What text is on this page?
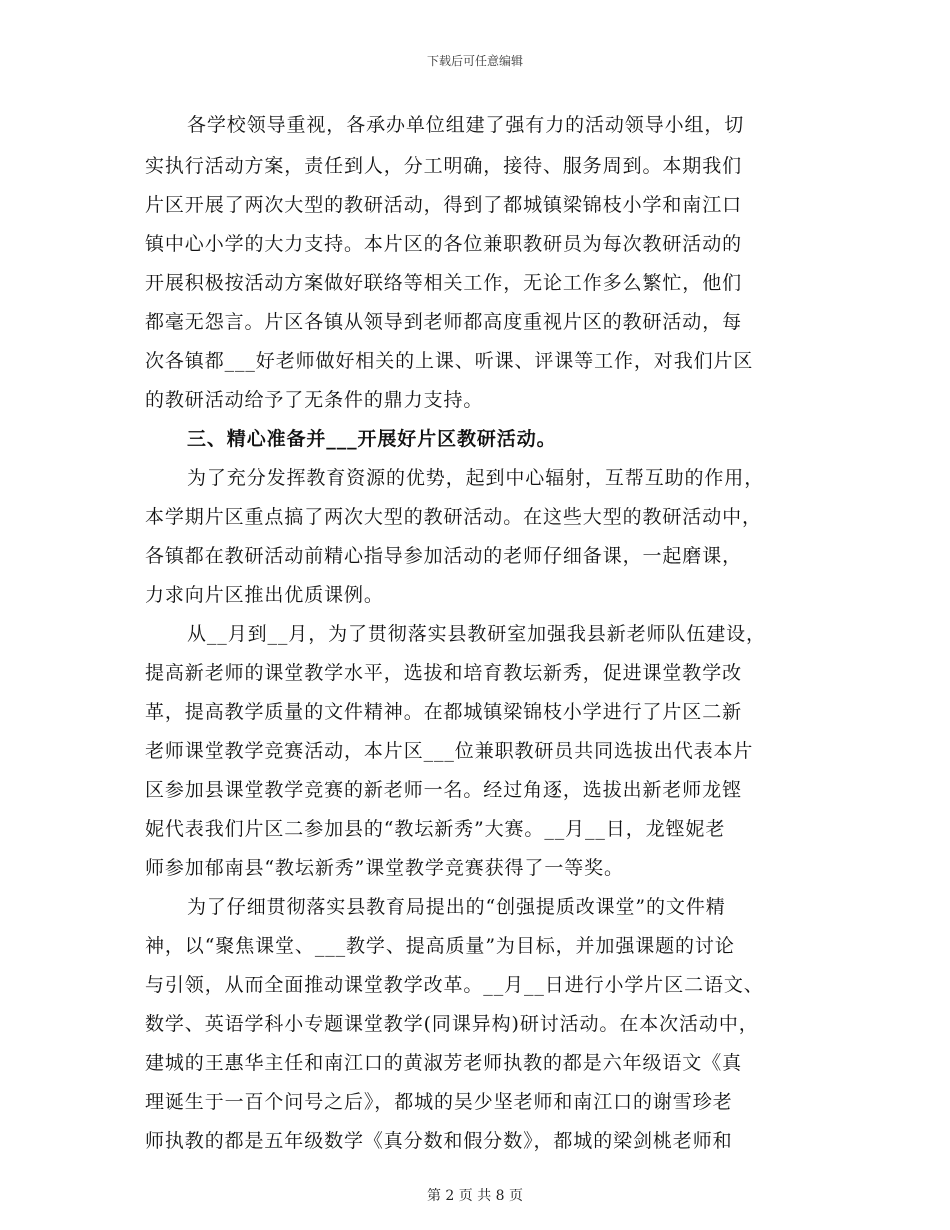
下载后可任意编辑
各学校领导重视，各承办单位组建了强有力的活动领导小组，切
实执行活动方案，责任到人，分工明确，接待、服务周到。本期我们
片区开展了两次大型的教研活动，得到了都城镇梁锦枝小学和南江口
镇中心小学的大力支持。本片区的各位兼职教研员为每次教研活动的
开展积极按活动方案做好联络等相关工作，无论工作多么繁忙，他们
都毫无怨言。片区各镇从领导到老师都高度重视片区的教研活动，每
次各镇都___好老师做好相关的上课、听课、评课等工作，对我们片区
的教研活动给予了无条件的鼎力支持。
三、精心准备并___开展好片区教研活动。
为了充分发挥教育资源的优势，起到中心辐射，互帮互助的作用，
本学期片区重点搞了两次大型的教研活动。在这些大型的教研活动中，
各镇都在教研活动前精心指导参加活动的老师仔细备课，一起磨课，
力求向片区推出优质课例。
从__月到__月，为了贯彻落实县教研室加强我县新老师队伍建设，
提高新老师的课堂教学水平，选拔和培育教坛新秀，促进课堂教学改
革，提高教学质量的文件精神。在都城镇梁锦枝小学进行了片区二新
老师课堂教学竞赛活动，本片区___位兼职教研员共同选拔出代表本片
区参加县课堂教学竞赛的新老师一名。经过角逐，选拔出新老师龙铿
妮代表我们片区二参加县的“教坛新秀”大赛。__月__日，龙铿妮老
师参加郁南县“教坛新秀”课堂教学竞赛获得了一等奖。
为了仔细贯彻落实县教育局提出的“创强提质改课堂”的文件精
神，以“聚焦课堂、___教学、提高质量”为目标，并加强课题的讨论
与引领，从而全面推动课堂教学改革。__月__日进行小学片区二语文、
数学、英语学科小专题课堂教学(同课异构)研讨活动。在本次活动中，
建城的王惠华主任和南江口的黄淑芳老师执教的都是六年级语文《真
理诞生于一百个问号之后》，都城的吴少坚老师和南江口的谢雪珍老
师执教的都是五年级数学《真分数和假分数》，都城的梁剑桃老师和
第 2 页 共 8 页
